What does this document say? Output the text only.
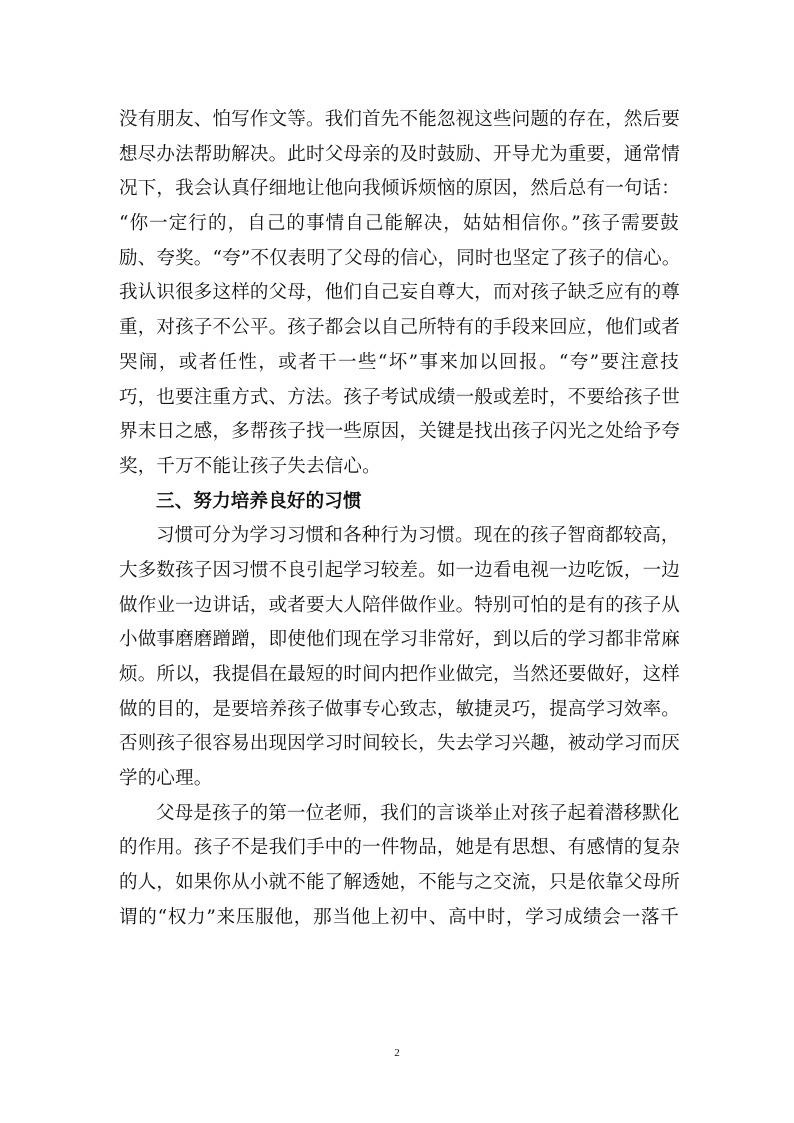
没有朋友、怕写作文等。我们首先不能忽视这些问题的存在，然后要
想尽办法帮助解决。此时父母亲的及时鼓励、开导尤为重要，通常情
况下，我会认真仔细地让他向我倾诉烦恼的原因，然后总有一句话：
“你一定行的，自己的事情自己能解决，姑姑相信你。”孩子需要鼓
励、夸奖。“夸”不仅表明了父母的信心，同时也坚定了孩子的信心。
我认识很多这样的父母，他们自己妄自尊大，而对孩子缺乏应有的尊
重，对孩子不公平。孩子都会以自己所特有的手段来回应，他们或者
哭闹，或者任性，或者干一些“坏”事来加以回报。“夸”要注意技
巧，也要注重方式、方法。孩子考试成绩一般或差时，不要给孩子世
界末日之感，多帮孩子找一些原因，关键是找出孩子闪光之处给予夸
奖，千万不能让孩子失去信心。
三、努力培养良好的习惯
习惯可分为学习习惯和各种行为习惯。现在的孩子智商都较高，
大多数孩子因习惯不良引起学习较差。如一边看电视一边吃饭，一边
做作业一边讲话，或者要大人陪伴做作业。特别可怕的是有的孩子从
小做事磨磨蹭蹭，即使他们现在学习非常好，到以后的学习都非常麻
烦。所以，我提倡在最短的时间内把作业做完，当然还要做好，这样
做的目的，是要培养孩子做事专心致志，敏捷灵巧，提高学习效率。
否则孩子很容易出现因学习时间较长，失去学习兴趣，被动学习而厌
学的心理。
父母是孩子的第一位老师，我们的言谈举止对孩子起着潜移默化
的作用。孩子不是我们手中的一件物品，她是有思想、有感情的复杂
的人，如果你从小就不能了解透她，不能与之交流，只是依靠父母所
谓的“权力”来压服他，那当他上初中、高中时，学习成绩会一落千
2
